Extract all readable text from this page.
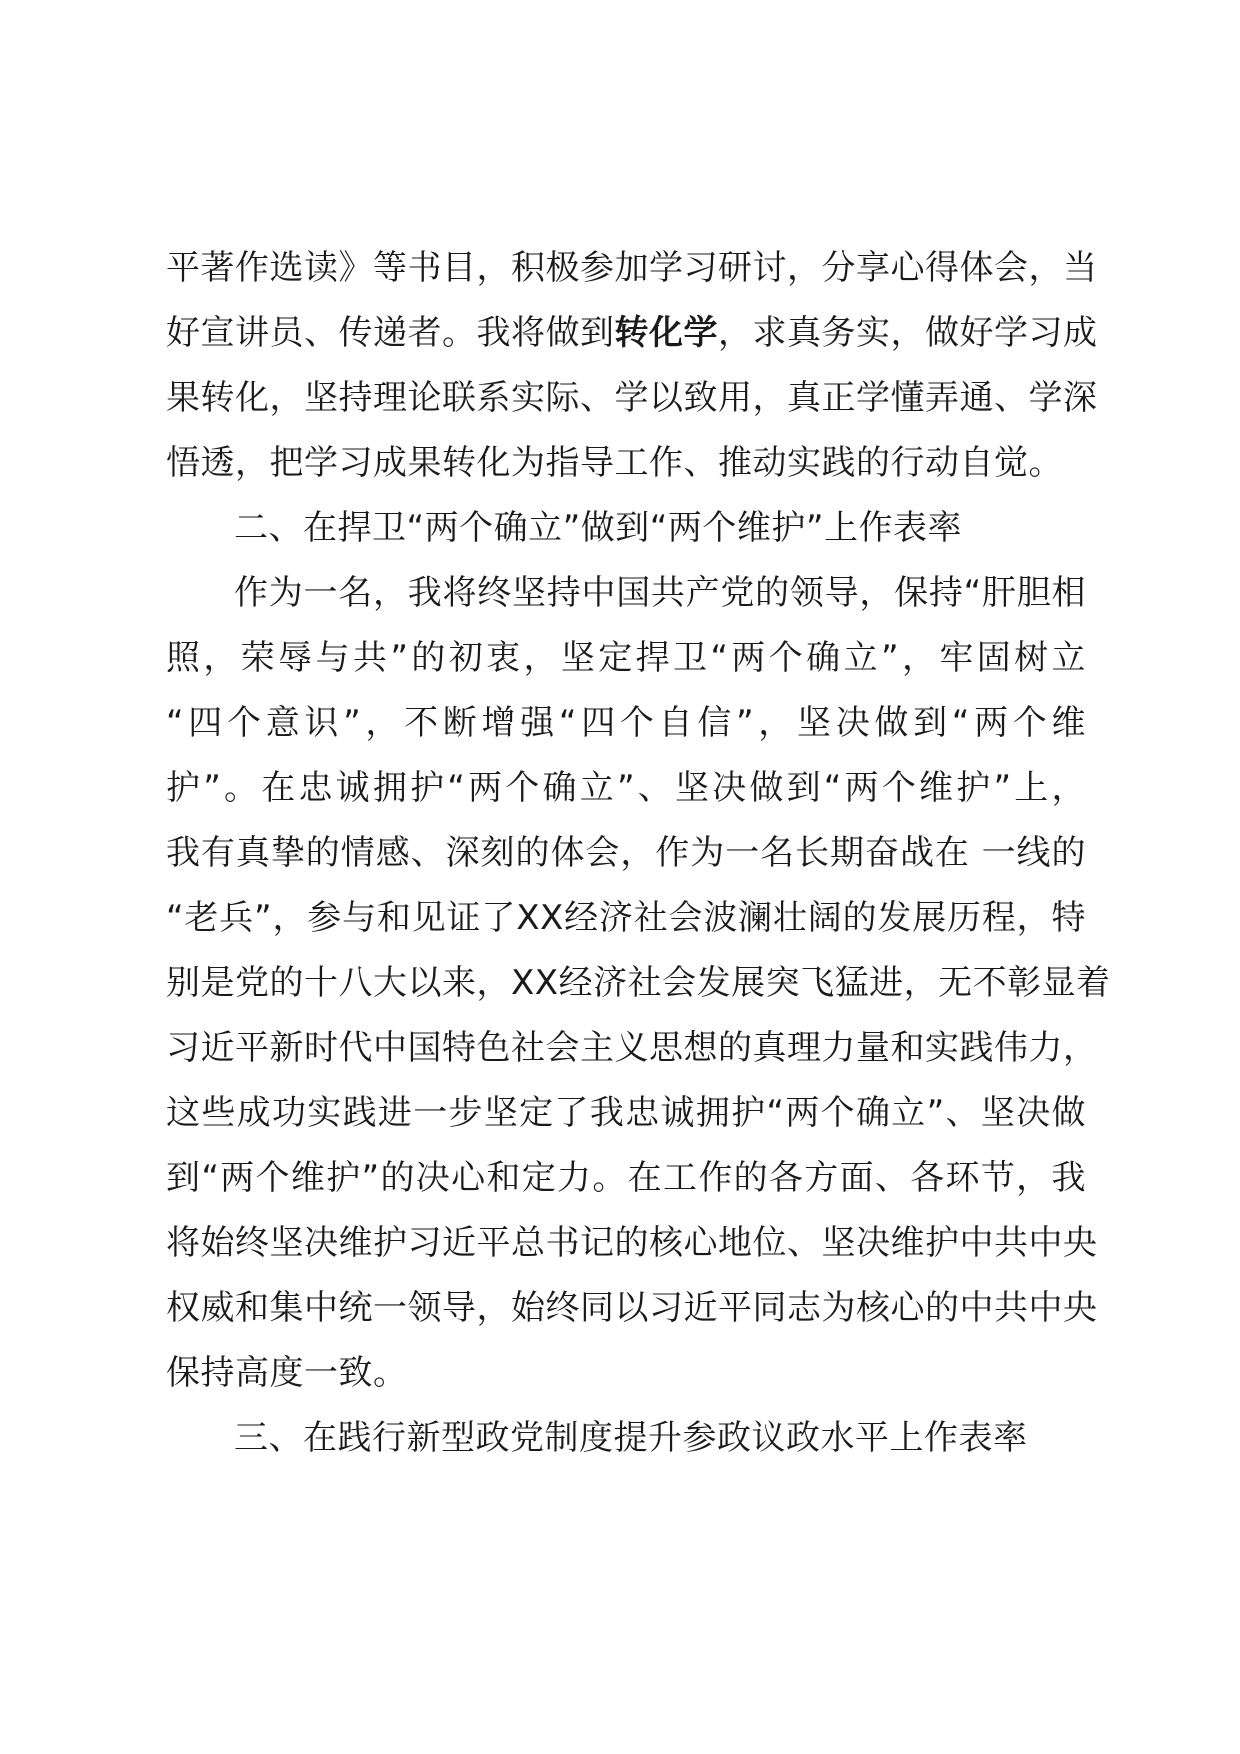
平著作选读》等书目，积极参加学习研讨，分享心得体会，当
好宣讲员、传递者。我将做到转化学，求真务实，做好学习成
果转化，坚持理论联系实际、学以致用，真正学懂弄通、学深
悟透，把学习成果转化为指导工作、推动实践的行动自觉。
二、在捍卫“两个确立”做到“两个维护”上作表率
作为一名，我将终坚持中国共产党的领导，保持“肝胆相
照，荣辱与共”的初衷，坚定捍卫“两个确立”，牢固树立
“四个意识”，不断增强“四个自信”，坚决做到“两个维
护”。在忠诚拥护“两个确立”、坚决做到“两个维护”上，
我有真挚的情感、深刻的体会，作为一名长期奋战在 一线的
“老兵”，参与和见证了XX经济社会波澜壮阔的发展历程，特
别是党的十八大以来，XX经济社会发展突飞猛进，无不彰显着
习近平新时代中国特色社会主义思想的真理力量和实践伟力，
这些成功实践进一步坚定了我忠诚拥护“两个确立”、坚决做
到“两个维护”的决心和定力。在工作的各方面、各环节，我
将始终坚决维护习近平总书记的核心地位、坚决维护中共中央
权威和集中统一领导，始终同以习近平同志为核心的中共中央
保持高度一致。
三、在践行新型政党制度提升参政议政水平上作表率
